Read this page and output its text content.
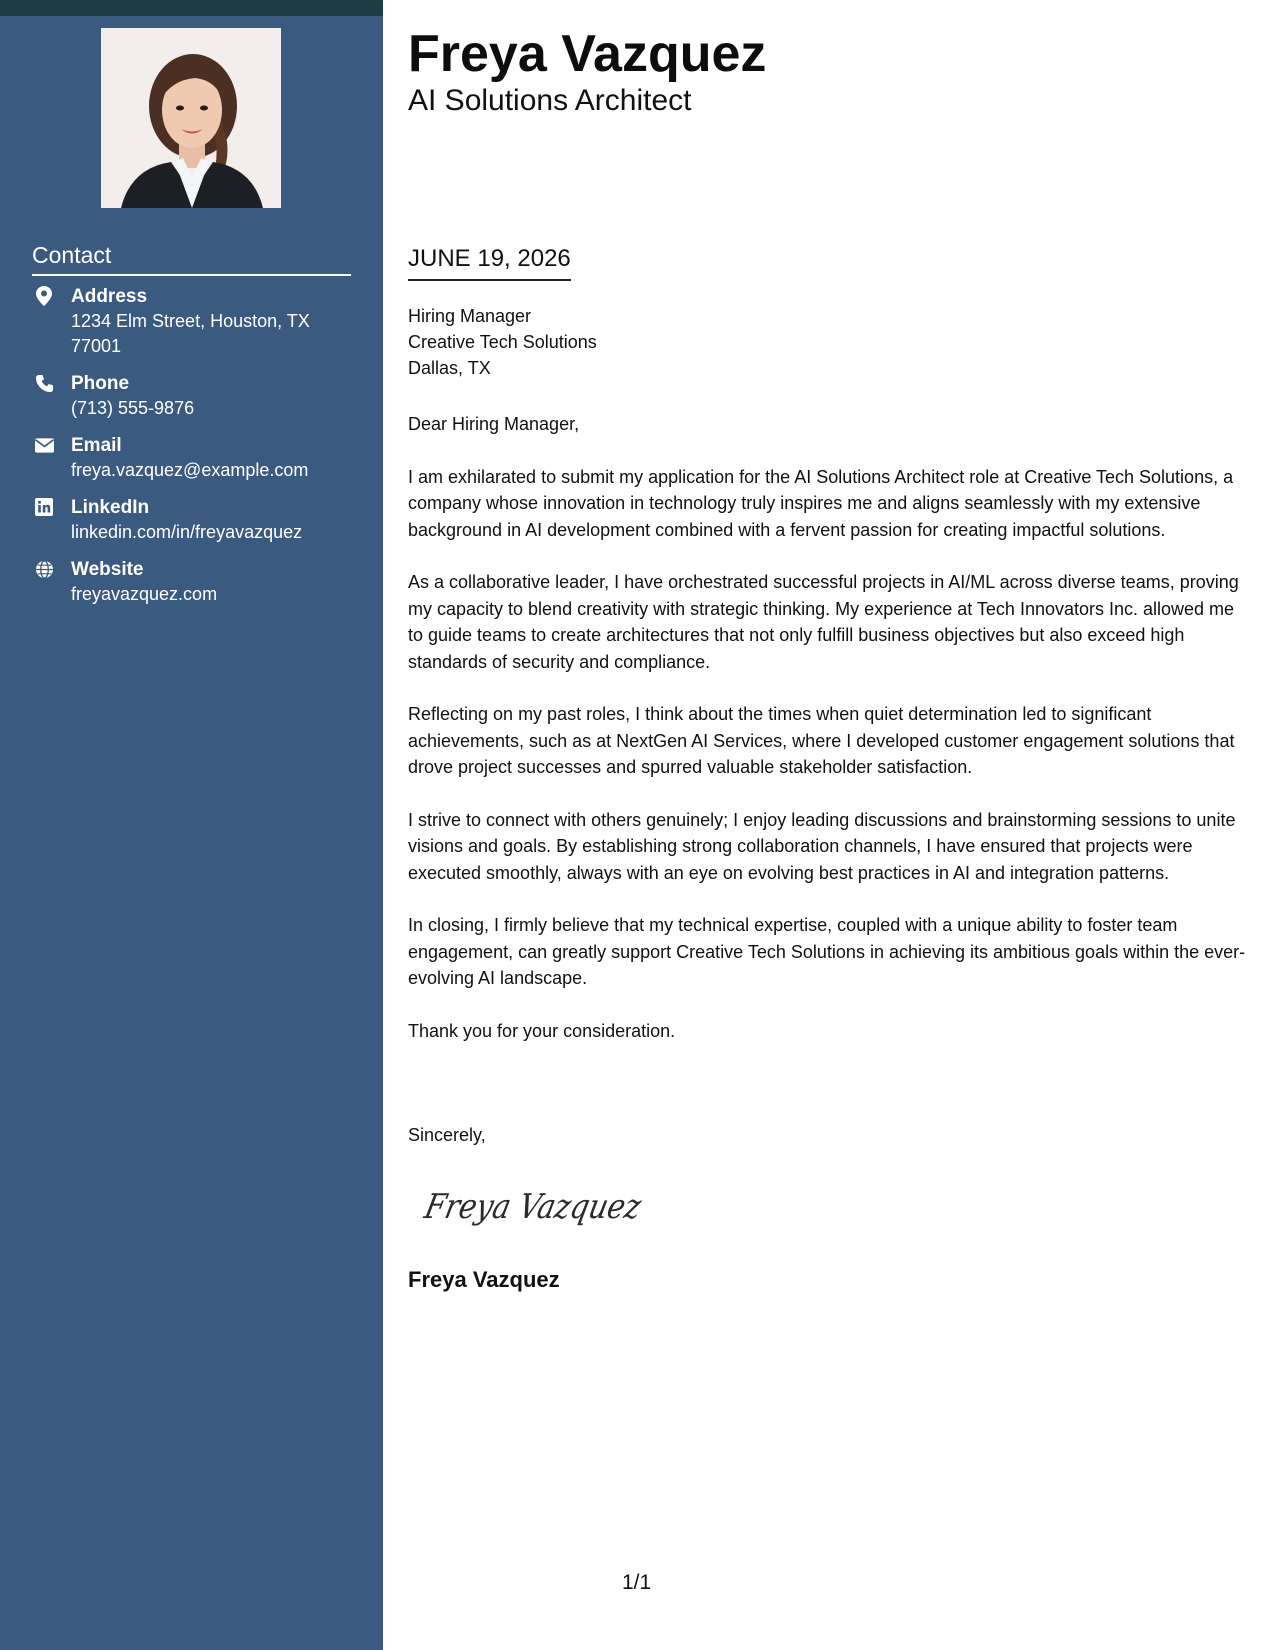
Contact
Address
1234 Elm Street, Houston, TX 77001
Phone
(713) 555-9876
Email
freya.vazquez@example.com
LinkedIn
linkedin.com/in/freyavazquez
Website
freyavazquez.com
Freya Vazquez
AI Solutions Architect
JUNE 19, 2026
Hiring Manager
Creative Tech Solutions
Dallas, TX

Dear Hiring Manager,

I am exhilarated to submit my application for the AI Solutions Architect role at Creative Tech Solutions, a company whose innovation in technology truly inspires me and aligns seamlessly with my extensive background in AI development combined with a fervent passion for creating impactful solutions.

As a collaborative leader, I have orchestrated successful projects in AI/ML across diverse teams, proving my capacity to blend creativity with strategic thinking. My experience at Tech Innovators Inc. allowed me to guide teams to create architectures that not only fulfill business objectives but also exceed high standards of security and compliance.

Reflecting on my past roles, I think about the times when quiet determination led to significant achievements, such as at NextGen AI Services, where I developed customer engagement solutions that drove project successes and spurred valuable stakeholder satisfaction.

I strive to connect with others genuinely; I enjoy leading discussions and brainstorming sessions to unite visions and goals. By establishing strong collaboration channels, I have ensured that projects were executed smoothly, always with an eye on evolving best practices in AI and integration patterns.

In closing, I firmly believe that my technical expertise, coupled with a unique ability to foster team engagement, can greatly support Creative Tech Solutions in achieving its ambitious goals within the ever-evolving AI landscape.

Thank you for your consideration.

Sincerely,
Freya Vazquez
Freya Vazquez
1/1
